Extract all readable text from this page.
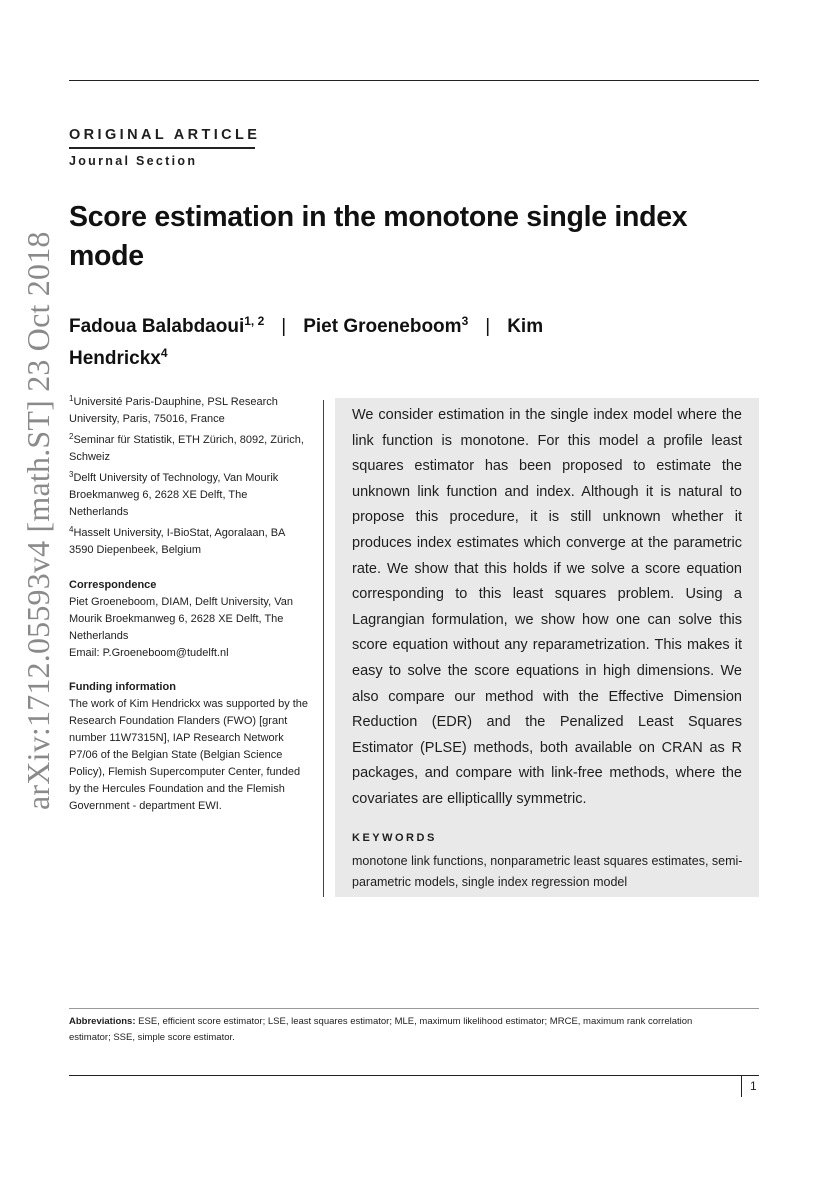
arXiv:1712.05593v4 [math.ST] 23 Oct 2018
ORIGINAL ARTICLE
Journal Section
Score estimation in the monotone single index mode
Fadoua Balabdaoui$^{1, 2}$ | Piet Groeneboom$^3$ | Kim Hendrickx$^4$
$^1$Université Paris-Dauphine, PSL Research University, Paris, 75016, France
$^2$Seminar für Statistik, ETH Zürich, 8092, Zürich, Schweiz
$^3$Delft University of Technology, Van Mourik Broekmanweg 6, 2628 XE Delft, The Netherlands
$^4$Hasselt University, I-BioStat, Agoralaan, BA 3590 Diepenbeek, Belgium
Correspondence
Piet Groeneboom, DIAM, Delft University, Van Mourik Broekmanweg 6, 2628 XE Delft, The Netherlands
Email: P.Groeneboom@tudelft.nl
Funding information
The work of Kim Hendrickx was supported by the Research Foundation Flanders (FWO) [grant number 11W7315N], IAP Research Network P7/06 of the Belgian State (Belgian Science Policy), Flemish Supercomputer Center, funded by the Hercules Foundation and the Flemish Government - department EWI.
We consider estimation in the single index model where the link function is monotone. For this model a profile least squares estimator has been proposed to estimate the unknown link function and index. Although it is natural to propose this procedure, it is still unknown whether it produces index estimates which converge at the parametric rate. We show that this holds if we solve a score equation corresponding to this least squares problem. Using a Lagrangian formulation, we show how one can solve this score equation without any reparametrization. This makes it easy to solve the score equations in high dimensions. We also compare our method with the Effective Dimension Reduction (EDR) and the Penalized Least Squares Estimator (PLSE) methods, both available on CRAN as R packages, and compare with link-free methods, where the covariates are ellipticallly symmetric.
KEYWORDS
monotone link functions, nonparametric least squares estimates, semi-parametric models, single index regression model
Abbreviations: ESE, efficient score estimator; LSE, least squares estimator; MLE, maximum likelihood estimator; MRCE, maximum rank correlation estimator; SSE, simple score estimator.
1
